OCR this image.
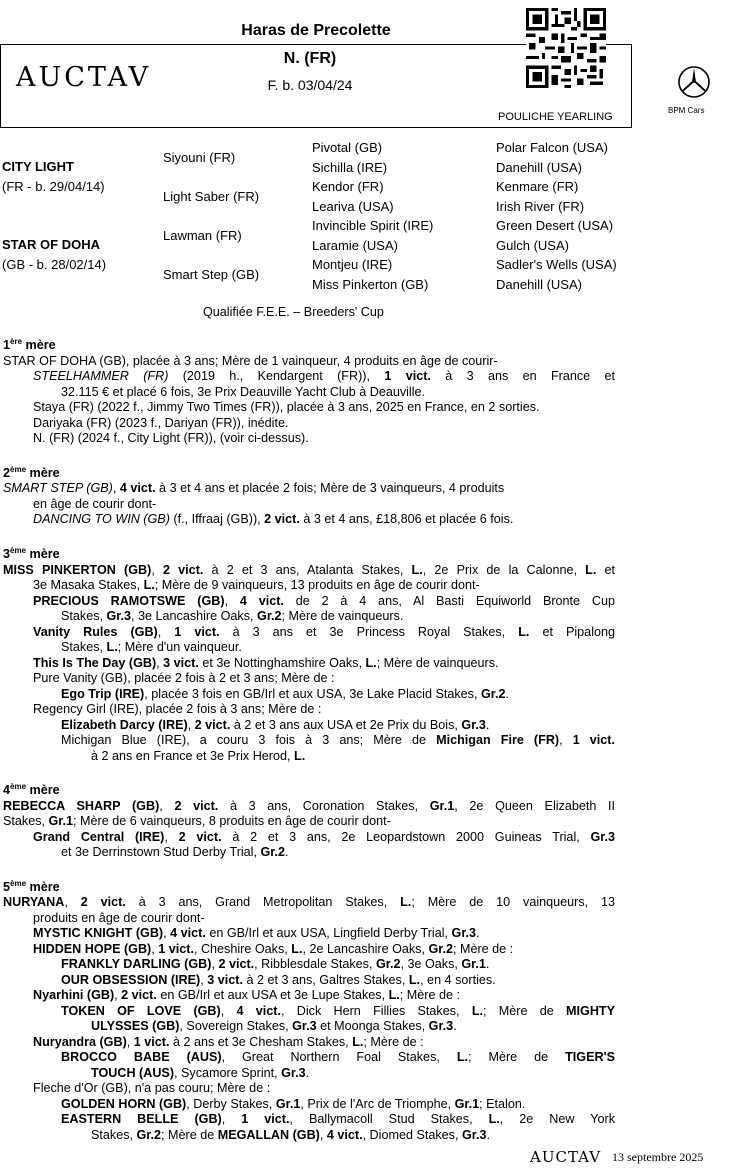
Haras de Precolette
AUCTAV
N. (FR)
F. b. 03/04/24
POULICHE YEARLING
BPM Cars
CITY LIGHT
(FR - b. 29/04/14)
STAR OF DOHA
(GB - b. 28/02/14)
Siyouni (FR)
Light Saber (FR)
Lawman (FR)
Smart Step (GB)
Pivotal (GB)
Sichilla (IRE)
Kendor (FR)
Leariva (USA)
Invincible Spirit (IRE)
Laramie (USA)
Montjeu (IRE)
Miss Pinkerton (GB)
Polar Falcon (USA)
Danehill (USA)
Kenmare (FR)
Irish River (FR)
Green Desert (USA)
Gulch (USA)
Sadler's Wells (USA)
Danehill (USA)
Qualifiée F.E.E. – Breeders' Cup
1ère mère
STAR OF DOHA (GB), placée à 3 ans; Mère de 1 vainqueur, 4 produits en âge de courir-
STEELHAMMER (FR) (2019 h., Kendargent (FR)), 1 vict. à 3 ans en France et
32.115 € et placé 6 fois, 3e Prix Deauville Yacht Club à Deauville.
Staya (FR) (2022 f., Jimmy Two Times (FR)), placée à 3 ans, 2025 en France, en 2 sorties.
Dariyaka (FR) (2023 f., Dariyan (FR)), inédite.
N. (FR) (2024 f., City Light (FR)), (voir ci-dessus).
2ème mère
SMART STEP (GB), 4 vict. à 3 et 4 ans et placée 2 fois; Mère de 3 vainqueurs, 4 produits
en âge de courir dont-
DANCING TO WIN (GB) (f., Iffraaj (GB)), 2 vict. à 3 et 4 ans, £18,806 et placée 6 fois.
3ème mère
MISS PINKERTON (GB), 2 vict. à 2 et 3 ans, Atalanta Stakes, L., 2e Prix de la Calonne, L. et
3e Masaka Stakes, L.; Mère de 9 vainqueurs, 13 produits en âge de courir dont-
PRECIOUS RAMOTSWE (GB), 4 vict. de 2 à 4 ans, Al Basti Equiworld Bronte Cup
Stakes, Gr.3, 3e Lancashire Oaks, Gr.2; Mère de vainqueurs.
Vanity Rules (GB), 1 vict. à 3 ans et 3e Princess Royal Stakes, L. et Pipalong
Stakes, L.; Mère d'un vainqueur.
This Is The Day (GB), 3 vict. et 3e Nottinghamshire Oaks, L.; Mère de vainqueurs.
Pure Vanity (GB), placée 2 fois à 2 et 3 ans; Mère de :
Ego Trip (IRE), placée 3 fois en GB/Irl et aux USA, 3e Lake Placid Stakes, Gr.2.
Regency Girl (IRE), placée 2 fois à 3 ans; Mère de :
Elizabeth Darcy (IRE), 2 vict. à 2 et 3 ans aux USA et 2e Prix du Bois, Gr.3.
Michigan Blue (IRE), a couru 3 fois à 3 ans; Mère de Michigan Fire (FR), 1 vict.
à 2 ans en France et 3e Prix Herod, L.
4ème mère
REBECCA SHARP (GB), 2 vict. à 3 ans, Coronation Stakes, Gr.1, 2e Queen Elizabeth II
Stakes, Gr.1; Mère de 6 vainqueurs, 8 produits en âge de courir dont-
Grand Central (IRE), 2 vict. à 2 et 3 ans, 2e Leopardstown 2000 Guineas Trial, Gr.3
et 3e Derrinstown Stud Derby Trial, Gr.2.
5ème mère
NURYANA, 2 vict. à 3 ans, Grand Metropolitan Stakes, L.; Mère de 10 vainqueurs, 13
produits en âge de courir dont-
MYSTIC KNIGHT (GB), 4 vict. en GB/Irl et aux USA, Lingfield Derby Trial, Gr.3.
HIDDEN HOPE (GB), 1 vict., Cheshire Oaks, L., 2e Lancashire Oaks, Gr.2; Mère de :
FRANKLY DARLING (GB), 2 vict., Ribblesdale Stakes, Gr.2, 3e Oaks, Gr.1.
OUR OBSESSION (IRE), 3 vict. à 2 et 3 ans, Galtres Stakes, L., en 4 sorties.
Nyarhini (GB), 2 vict. en GB/Irl et aux USA et 3e Lupe Stakes, L.; Mère de :
TOKEN OF LOVE (GB), 4 vict., Dick Hern Fillies Stakes, L.; Mère de MIGHTY
ULYSSES (GB), Sovereign Stakes, Gr.3 et Moonga Stakes, Gr.3.
Nuryandra (GB), 1 vict. à 2 ans et 3e Chesham Stakes, L.; Mère de :
BROCCO BABE (AUS), Great Northern Foal Stakes, L.; Mère de TIGER'S
TOUCH (AUS), Sycamore Sprint, Gr.3.
Fleche d'Or (GB), n'a pas couru; Mère de :
GOLDEN HORN (GB), Derby Stakes, Gr.1, Prix de l'Arc de Triomphe, Gr.1; Etalon.
EASTERN BELLE (GB), 1 vict., Ballymacoll Stud Stakes, L., 2e New York
Stakes, Gr.2; Mère de MEGALLAN (GB), 4 vict., Diomed Stakes, Gr.3.
AUCTAV 13 septembre 2025
